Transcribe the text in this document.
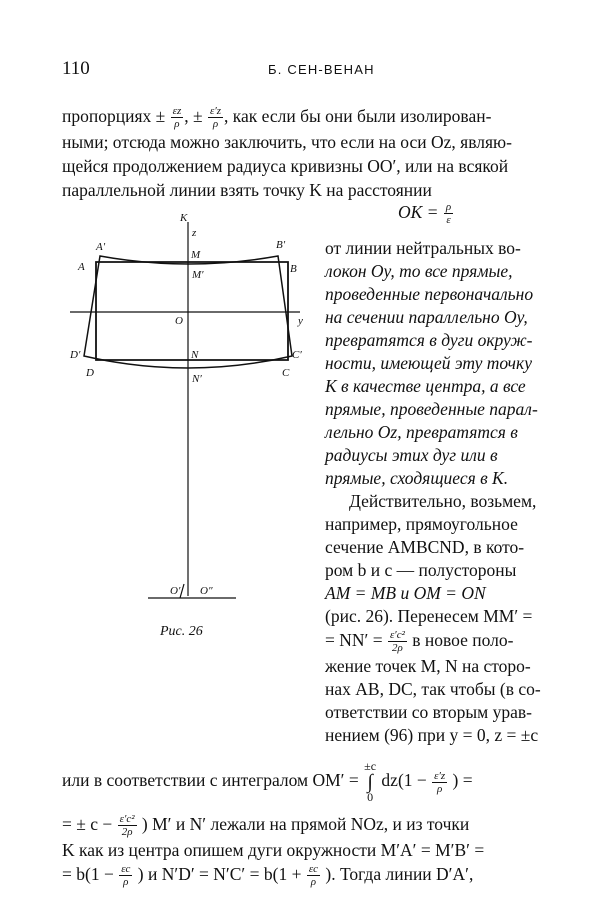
110	Б. СЕН-ВЕНАН
пропорциях ± $\frac{\varepsilon z}{\rho}$ , ± $\frac{\varepsilon'z}{\rho}$ , как если бы они были изолирован-
ными; отсюда можно заключить, что если на оси Oz, являю-
щейся продолжением радиуса кривизны OO′, или на всякой
параллельной линии взять точку K на расстоянии
OK = $\frac{\rho}{\varepsilon}$
K
z
A′	B′
A	B
M
M′
O	y
D′	C′
D	C
N
N′
O′ O″
Рис. 26
от линии нейтральных во-
локон Oy, то все прямые,
проведенные первоначально
на сечении параллельно Oy,
превратятся в дуги окруж-
ности, имеющей эту точку
K в качестве центра, а все
прямые, проведенные парал-
лельно Oz, превратятся в
радиусы этих дуг или в
прямые, сходящиеся в K.
Действительно, возьмем,
например, прямоугольное
сечение AMBCND, в кото-
ром b и c — полустороны
AM = MB и OM = ON
(рис. 26). Перенесем MM′ =
= $NN' = \frac{\text{ε′c²}}{2\rho}$ в новое поло-
жение точек M, N на сторо-
нах AB, DC, так чтобы (в со-
ответствии со вторым урав-
нением (96) при y = 0, z = ±c
или в соответствии с интегралом OM′ =
±c
∫
0
$dz(1 - \frac{\varepsilon'z}{\rho}$ ) =
= ± $c - \frac{\text{ε′c²}}{2\rho}$ ) M′ и N′ лежали на прямой NOz, и из точки
K как из центра опишем дуги окружности M′A′ = M′B′ =
= $b(1 - \frac{\varepsilon c}{\rho}$ ) и $N'D' = N'C' = b(1 + \frac{\varepsilon c}{\rho}$ ). Тогда линии D′A′,
